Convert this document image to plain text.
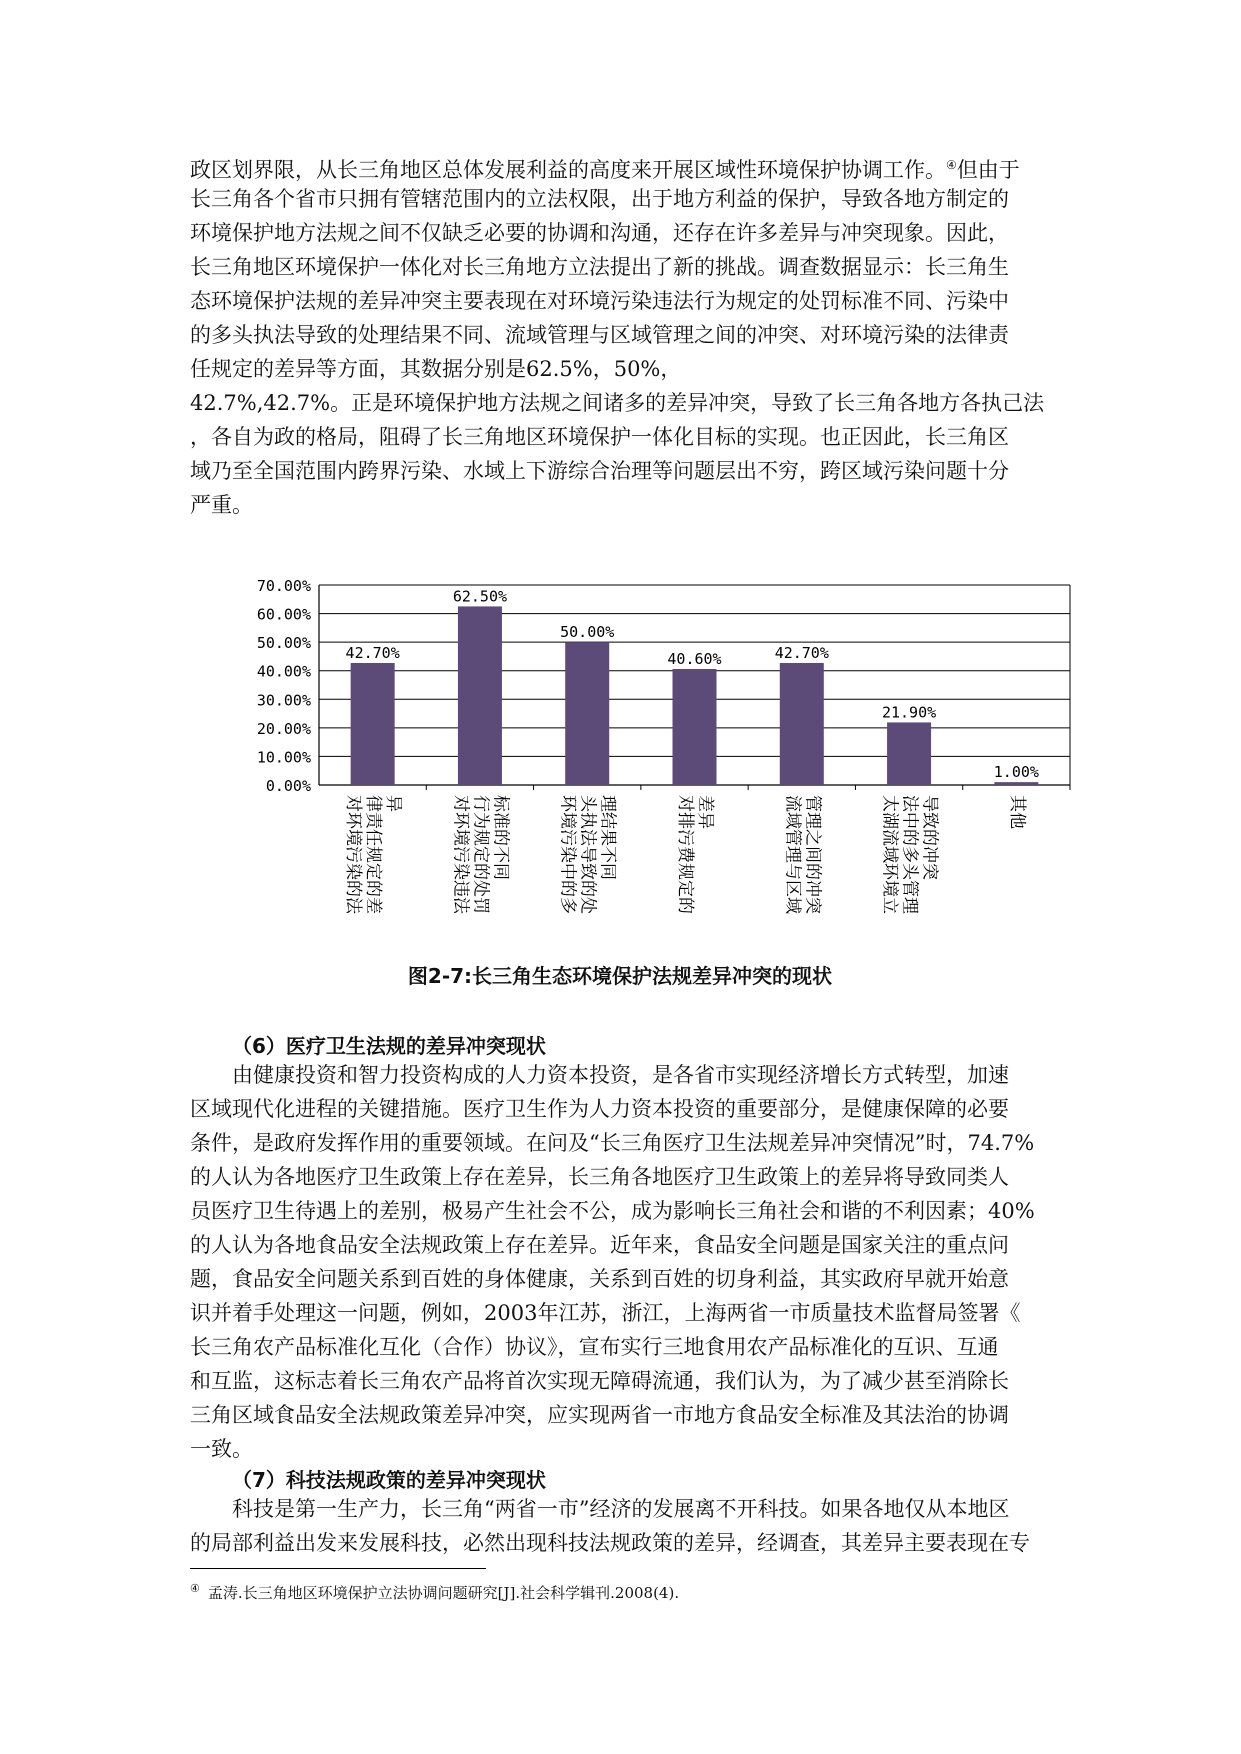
政区划界限，从长三角地区总体发展利益的高度来开展区域性环境保护协调工作。④但由于
长三角各个省市只拥有管辖范围内的立法权限，出于地方利益的保护，导致各地方制定的
环境保护地方法规之间不仅缺乏必要的协调和沟通，还存在许多差异与冲突现象。因此，
长三角地区环境保护一体化对长三角地方立法提出了新的挑战。调查数据显示：长三角生
态环境保护法规的差异冲突主要表现在对环境污染违法行为规定的处罚标准不同、污染中
的多头执法导致的处理结果不同、流域管理与区域管理之间的冲突、对环境污染的法律责
任规定的差异等方面，其数据分别是62.5%，50%，
42.7%,42.7%。正是环境保护地方法规之间诸多的差异冲突，导致了长三角各地方各执己法
，各自为政的格局，阻碍了长三角地区环境保护一体化目标的实现。也正因此，长三角区
域乃至全国范围内跨界污染、水域上下游综合治理等问题层出不穷，跨区域污染问题十分
严重。
0.00%
10.00%
20.00%
30.00%
40.00%
50.00%
60.00%
70.00%
42.70%
对环境污染的法 律责任规定的差 异
62.50%
对环境污染违法 行为规定的处罚 标准的不同
50.00%
环境污染中的多 头执法导致的处 理结果不同
40.60%
对排污费规定的 差异
42.70%
流域管理与区域 管理之间的冲突
21.90%
太湖流域环境立 法中的多头管理 导致的冲突
1.00%
其他
图2-7:长三角生态环境保护法规差异冲突的现状
（6）医疗卫生法规的差异冲突现状
由健康投资和智力投资构成的人力资本投资，是各省市实现经济增长方式转型，加速
区域现代化进程的关键措施。医疗卫生作为人力资本投资的重要部分，是健康保障的必要
条件，是政府发挥作用的重要领域。在问及“长三角医疗卫生法规差异冲突情况”时，74.7%
的人认为各地医疗卫生政策上存在差异，长三角各地医疗卫生政策上的差异将导致同类人
员医疗卫生待遇上的差别，极易产生社会不公，成为影响长三角社会和谐的不利因素；40%
的人认为各地食品安全法规政策上存在差异。近年来，食品安全问题是国家关注的重点问
题，食品安全问题关系到百姓的身体健康，关系到百姓的切身利益，其实政府早就开始意
识并着手处理这一问题，例如，2003年江苏，浙江，上海两省一市质量技术监督局签署《
长三角农产品标准化互化（合作）协议》，宣布实行三地食用农产品标准化的互识、互通
和互监，这标志着长三角农产品将首次实现无障碍流通，我们认为，为了减少甚至消除长
三角区域食品安全法规政策差异冲突，应实现两省一市地方食品安全标准及其法治的协调
一致。
（7）科技法规政策的差异冲突现状
科技是第一生产力，长三角“两省一市”经济的发展离不开科技。如果各地仅从本地区
的局部利益出发来发展科技，必然出现科技法规政策的差异，经调查，其差异主要表现在专
④ 孟涛.长三角地区环境保护立法协调问题研究[J].社会科学辑刊.2008(4).
